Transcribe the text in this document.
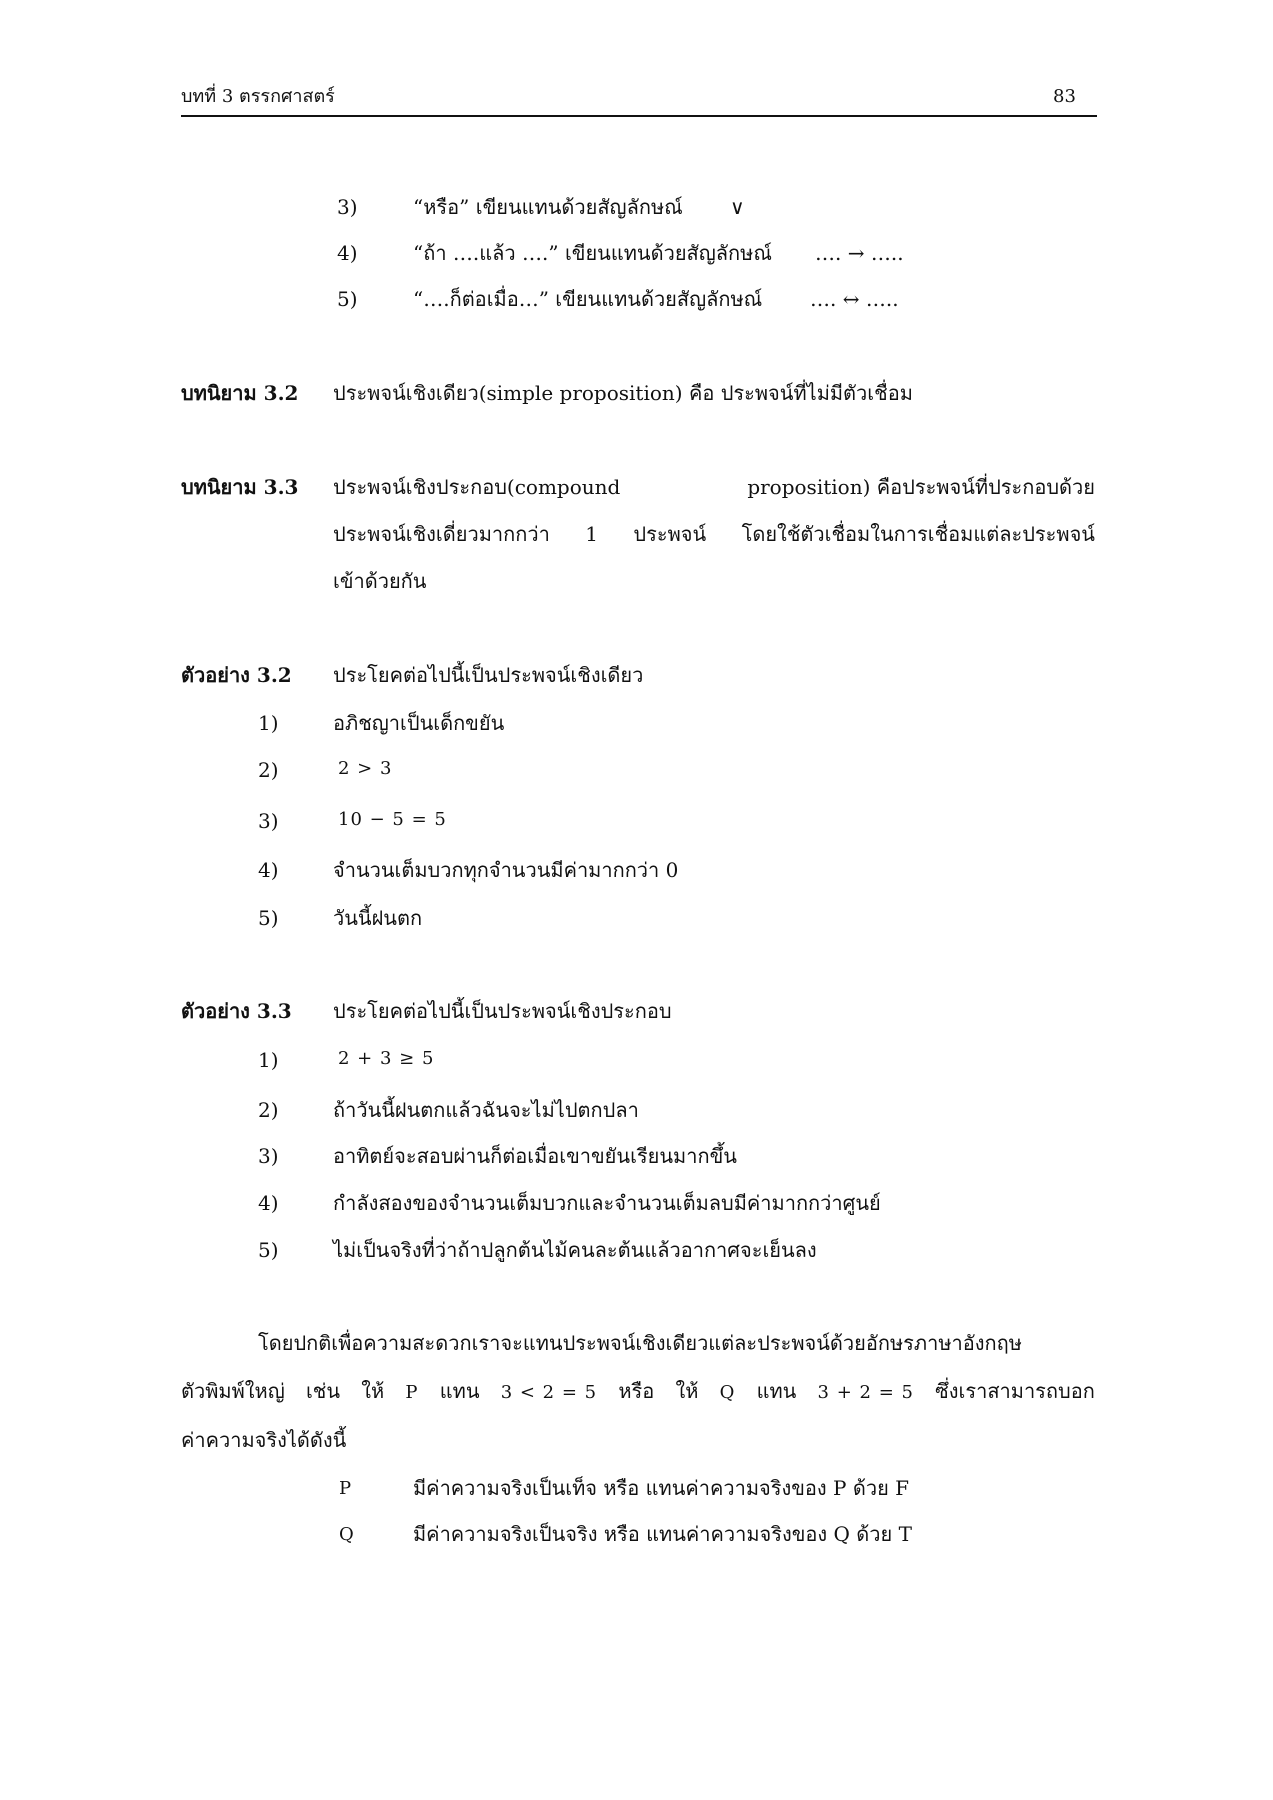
บทที่ 3 ตรรกศาสตร์	83
3)	“หรือ” เขียนแทนด้วยสัญลักษณ์ ∨
4)	“ถ้า ….แล้ว ….” เขียนแทนด้วยสัญลักษณ์ …. → …..
5)	“….ก็ต่อเมื่อ…” เขียนแทนด้วยสัญลักษณ์ …. ↔ …..
บทนิยาม 3.2 ประพจน์เชิงเดียว(simple proposition) คือ ประพจน์ที่ไม่มีตัวเชื่อม
บทนิยาม 3.3 ประพจน์เชิงประกอบ(compound	proposition) คือประพจน์ที่ประกอบด้วย
ประพจน์เชิงเดี่ยวมากกว่า 1 ประพจน์ โดยใช้ตัวเชื่อมในการเชื่อมแต่ละประพจน์
เข้าด้วยกัน
ตัวอย่าง 3.2 ประโยคต่อไปนี้เป็นประพจน์เชิงเดียว
1)	อภิชญาเป็นเด็กขยัน
2)	2 > 3
3)	10 − 5 = 5
4)	จำนวนเต็มบวกทุกจำนวนมีค่ามากกว่า 0
5)	วันนี้ฝนตก
ตัวอย่าง 3.3 ประโยคต่อไปนี้เป็นประพจน์เชิงประกอบ
1)	2 + 3 ≥ 5
2)	ถ้าวันนี้ฝนตกแล้วฉันจะไม่ไปตกปลา
3)	อาทิตย์จะสอบผ่านก็ต่อเมื่อเขาขยันเรียนมากขึ้น
4)	กำลังสองของจำนวนเต็มบวกและจำนวนเต็มลบมีค่ามากกว่าศูนย์
5)	ไม่เป็นจริงที่ว่าถ้าปลูกต้นไม้คนละต้นแล้วอากาศจะเย็นลง
โดยปกติเพื่อความสะดวกเราจะแทนประพจน์เชิงเดียวแต่ละประพจน์ด้วยอักษรภาษาอังกฤษ
ตัวพิมพ์ใหญ่ เช่น ให้ P แทน 3 < 2 = 5 หรือ ให้ Q แทน 3 + 2 = 5 ซึ่งเราสามารถบอก
ค่าความจริงได้ดังนี้
P	มีค่าความจริงเป็นเท็จ หรือ แทนค่าความจริงของ P ด้วย F
Q	มีค่าความจริงเป็นจริง หรือ แทนค่าความจริงของ Q ด้วย T
